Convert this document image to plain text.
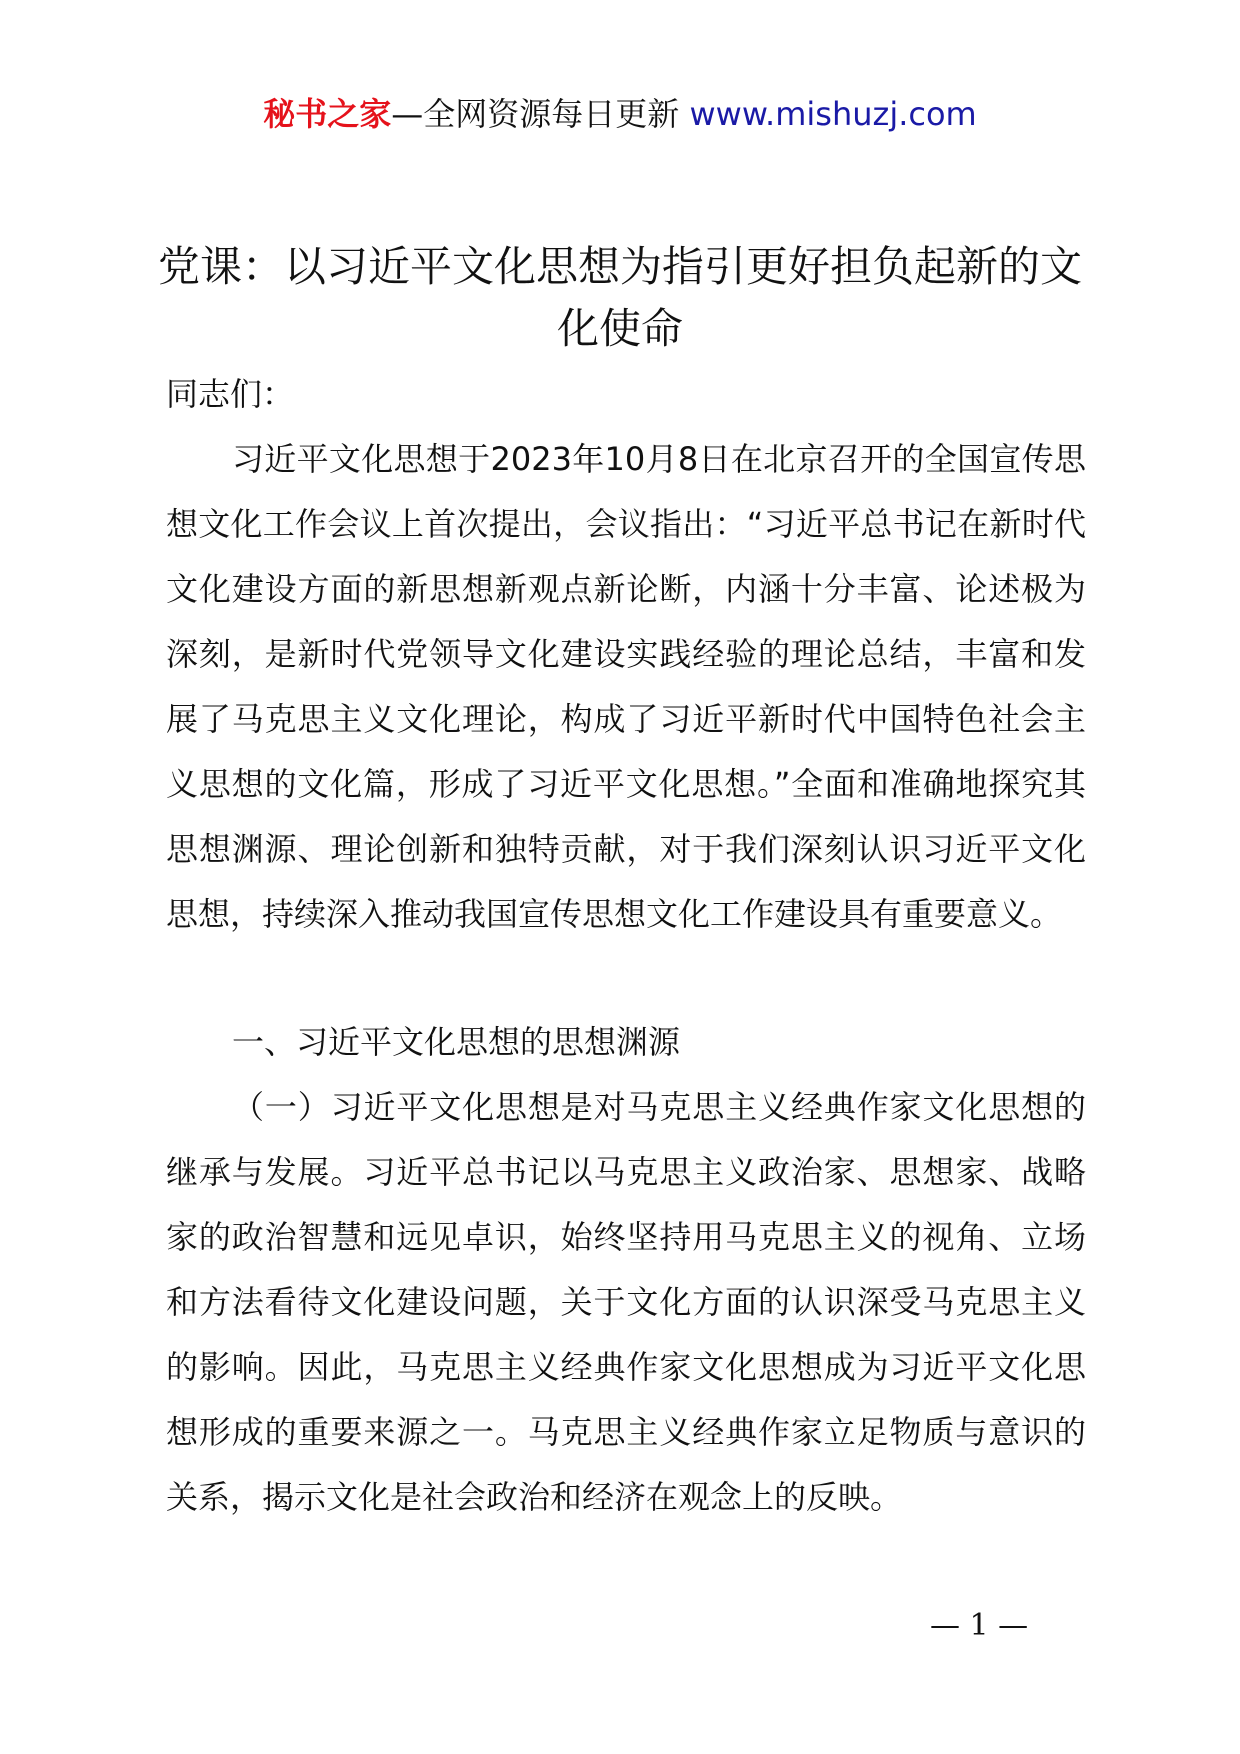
秘书之家—全网资源每日更新 www.mishuzj.com
党课：以习近平文化思想为指引更好担负起新的文化使命
同志们：

习近平文化思想于2023年10月8日在北京召开的全国宣传思想文化工作会议上首次提出，会议指出：“习近平总书记在新时代文化建设方面的新思想新观点新论断，内涵十分丰富、论述极为深刻，是新时代党领导文化建设实践经验的理论总结，丰富和发展了马克思主义文化理论，构成了习近平新时代中国特色社会主义思想的文化篇，形成了习近平文化思想。”全面和准确地探究其思想渊源、理论创新和独特贡献，对于我们深刻认识习近平文化思想，持续深入推动我国宣传思想文化工作建设具有重要意义。

一、习近平文化思想的思想渊源

（一）习近平文化思想是对马克思主义经典作家文化思想的继承与发展。习近平总书记以马克思主义政治家、思想家、战略家的政治智慧和远见卓识，始终坚持用马克思主义的视角、立场和方法看待文化建设问题，关于文化方面的认识深受马克思主义的影响。因此，马克思主义经典作家文化思想成为习近平文化思想形成的重要来源之一。马克思主义经典作家立足物质与意识的关系，揭示文化是社会政治和经济在观念上的反映。

— 1 —
